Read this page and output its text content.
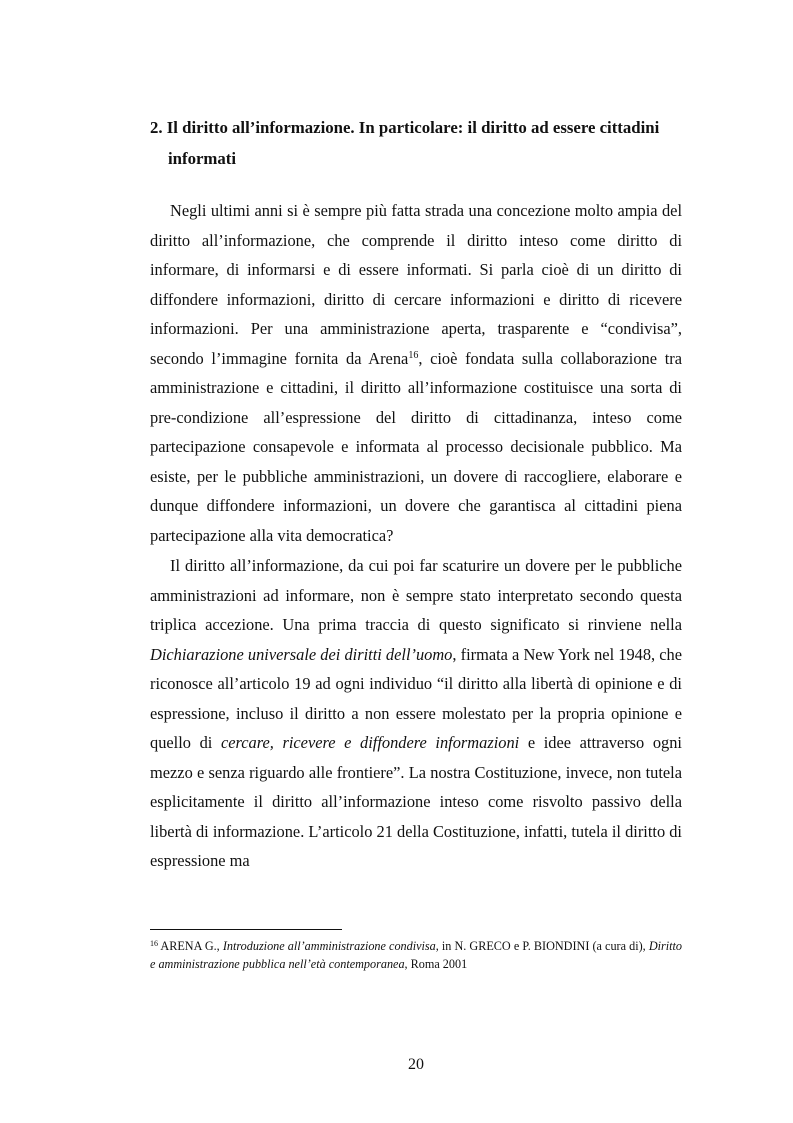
2. Il diritto all’informazione. In particolare: il diritto ad essere cittadini
informati

Negli ultimi anni si è sempre più fatta strada una concezione molto ampia del diritto all’informazione, che comprende il diritto inteso come diritto di informare, di informarsi e di essere informati. Si parla cioè di un diritto di diffondere informazioni, diritto di cercare informazioni e diritto di ricevere informazioni. Per una amministrazione aperta, trasparente e “condivisa”, secondo l’immagine fornita da Arena$^{16}$, cioè fondata sulla collaborazione tra amministrazione e cittadini, il diritto all’informazione costituisce una sorta di pre-condizione all’espressione del diritto di cittadinanza, inteso come partecipazione consapevole e informata al processo decisionale pubblico. Ma esiste, per le pubbliche amministrazioni, un dovere di raccogliere, elaborare e dunque diffondere informazioni, un dovere che garantisca al cittadini piena partecipazione alla vita democratica?

Il diritto all’informazione, da cui poi far scaturire un dovere per le pubbliche amministrazioni ad informare, non è sempre stato interpretato secondo questa triplica accezione. Una prima traccia di questo significato si rinviene nella Dichiarazione universale dei diritti dell’uomo, firmata a New York nel 1948, che riconosce all’articolo 19 ad ogni individuo “il diritto alla libertà di opinione e di espressione, incluso il diritto a non essere molestato per la propria opinione e quello di cercare, ricevere e diffondere informazioni e idee attraverso ogni mezzo e senza riguardo alle frontiere”. La nostra Costituzione, invece, non tutela esplicitamente il diritto all’informazione inteso come risvolto passivo della libertà di informazione. L’articolo 21 della Costituzione, infatti, tutela il diritto di espressione ma

$^{16}$ ARENA G., Introduzione all’amministrazione condivisa, in N. GRECO e P. BIONDINI (a cura di), Diritto e amministrazione pubblica nell’età contemporanea, Roma 2001
20
